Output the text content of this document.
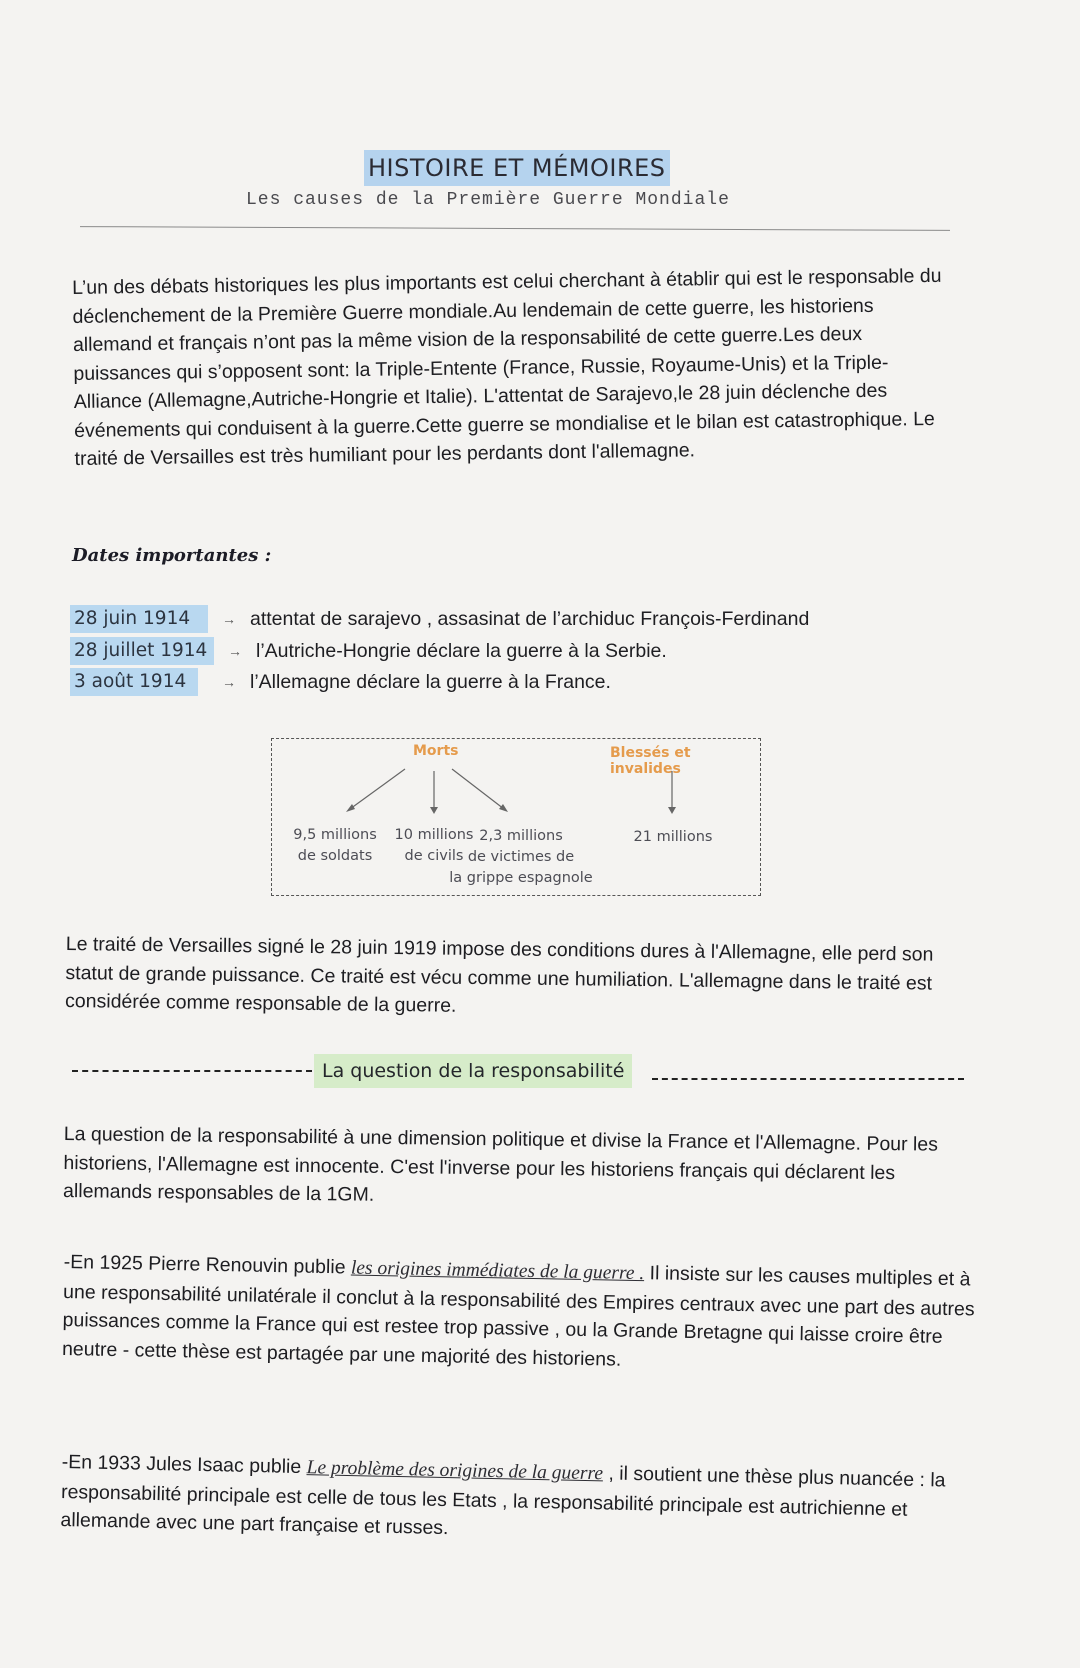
HISTOIRE ET MÉMOIRES
Les causes de la Première Guerre Mondiale

L’un des débats historiques les plus importants est celui cherchant à établir qui est le responsable du déclenchement de la Première Guerre mondiale.Au lendemain de cette guerre, les historiens allemand et français n’ont pas la même vision de la responsabilité de cette guerre.Les deux puissances qui s’opposent sont: la Triple-Entente (France, Russie, Royaume-Unis) et la Triple-Alliance (Allemagne,Autriche-Hongrie et Italie). L'attentat de Sarajevo,le 28 juin déclenche des événements qui conduisent à la guerre.Cette guerre se mondialise et le bilan est catastrophique. Le traité de Versailles est très humiliant pour les perdants dont l'allemagne.

Dates importantes :
28 juin 1914	→ attentat de sarajevo , assasinat de l’archiduc François-Ferdinand
28 juillet 1914	→ l’Autriche-Hongrie déclare la guerre à la Serbie.
3 août 1914	→ l’Allemagne déclare la guerre à la France.
Morts	Blessés et invalides
9,5 millions
de soldats
10 millions
de civils
2,3 millions
de victimes de
la grippe espagnole
21 millions

Le traité de Versailles signé le 28 juin 1919 impose des conditions dures à l'Allemagne, elle perd son statut de grande puissance. Ce traité est vécu comme une humiliation. L'allemagne dans le traité est considérée comme responsable de la guerre.

La question de la responsabilité

La question de la responsabilité à une dimension politique et divise la France et l'Allemagne. Pour les historiens, l'Allemagne est innocente. C'est l'inverse pour les historiens français qui déclarent les allemands responsables de la 1GM.

-En 1925 Pierre Renouvin publie les origines immédiates de la guerre . Il insiste sur les causes multiples et à une responsabilité unilatérale il conclut à la responsabilité des Empires centraux avec une part des autres puissances comme la France qui est restee trop passive , ou la Grande Bretagne qui laisse croire être neutre - cette thèse est partagée par une majorité des historiens.

-En 1933 Jules Isaac publie Le problème des origines de la guerre , il soutient une thèse plus nuancée : la responsabilité principale est celle de tous les Etats , la responsabilité principale est autrichienne et allemande avec une part française et russes.
